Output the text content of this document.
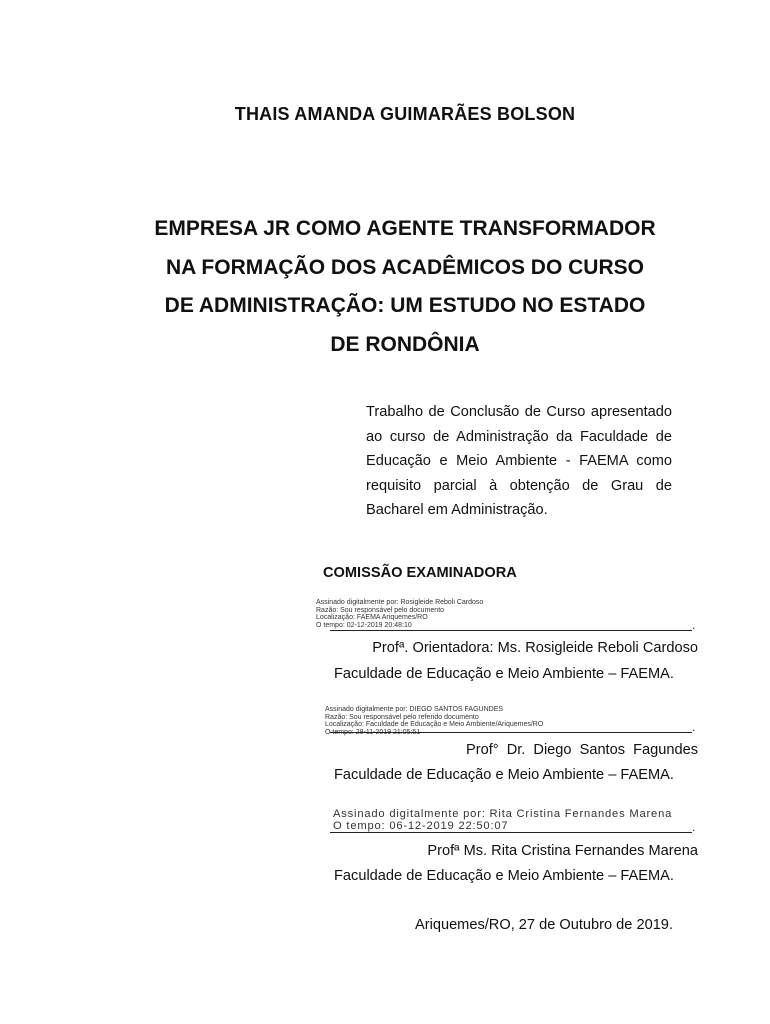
THAIS AMANDA GUIMARÃES BOLSON
EMPRESA JR COMO AGENTE TRANSFORMADOR
NA FORMAÇÃO DOS ACADÊMICOS DO CURSO
DE ADMINISTRAÇÃO: UM ESTUDO NO ESTADO
DE RONDÔNIA
Trabalho de Conclusão de Curso apresentado ao curso de Administração da Faculdade de Educação e Meio Ambiente - FAEMA como requisito parcial à obtenção de Grau de Bacharel em Administração.
COMISSÃO EXAMINADORA
Assinado digitalmente por: Rosigleide Reboli Cardoso
Razão: Sou responsável pelo documento
Localização: FAEMA Ariquemes/RO
O tempo: 02-12-2019 20:48:10	.
Profª. Orientadora: Ms. Rosigleide Reboli Cardoso
Faculdade de Educação e Meio Ambiente – FAEMA.
Assinado digitalmente por: DIEGO SANTOS FAGUNDES
Razão: Sou responsável pelo referido documento
Localização: Faculdade de Educação e Meio Ambiente/Ariquemes/RO
O tempo: 28-11-2019 21:05:51	.
Prof° Dr. Diego Santos Fagundes
Faculdade de Educação e Meio Ambiente – FAEMA.
Assinado digitalmente por: Rita Cristina Fernandes Marena
O tempo: 06-12-2019 22:50:07	.
Profª Ms. Rita Cristina Fernandes Marena
Faculdade de Educação e Meio Ambiente – FAEMA.
Ariquemes/RO, 27 de Outubro de 2019.
